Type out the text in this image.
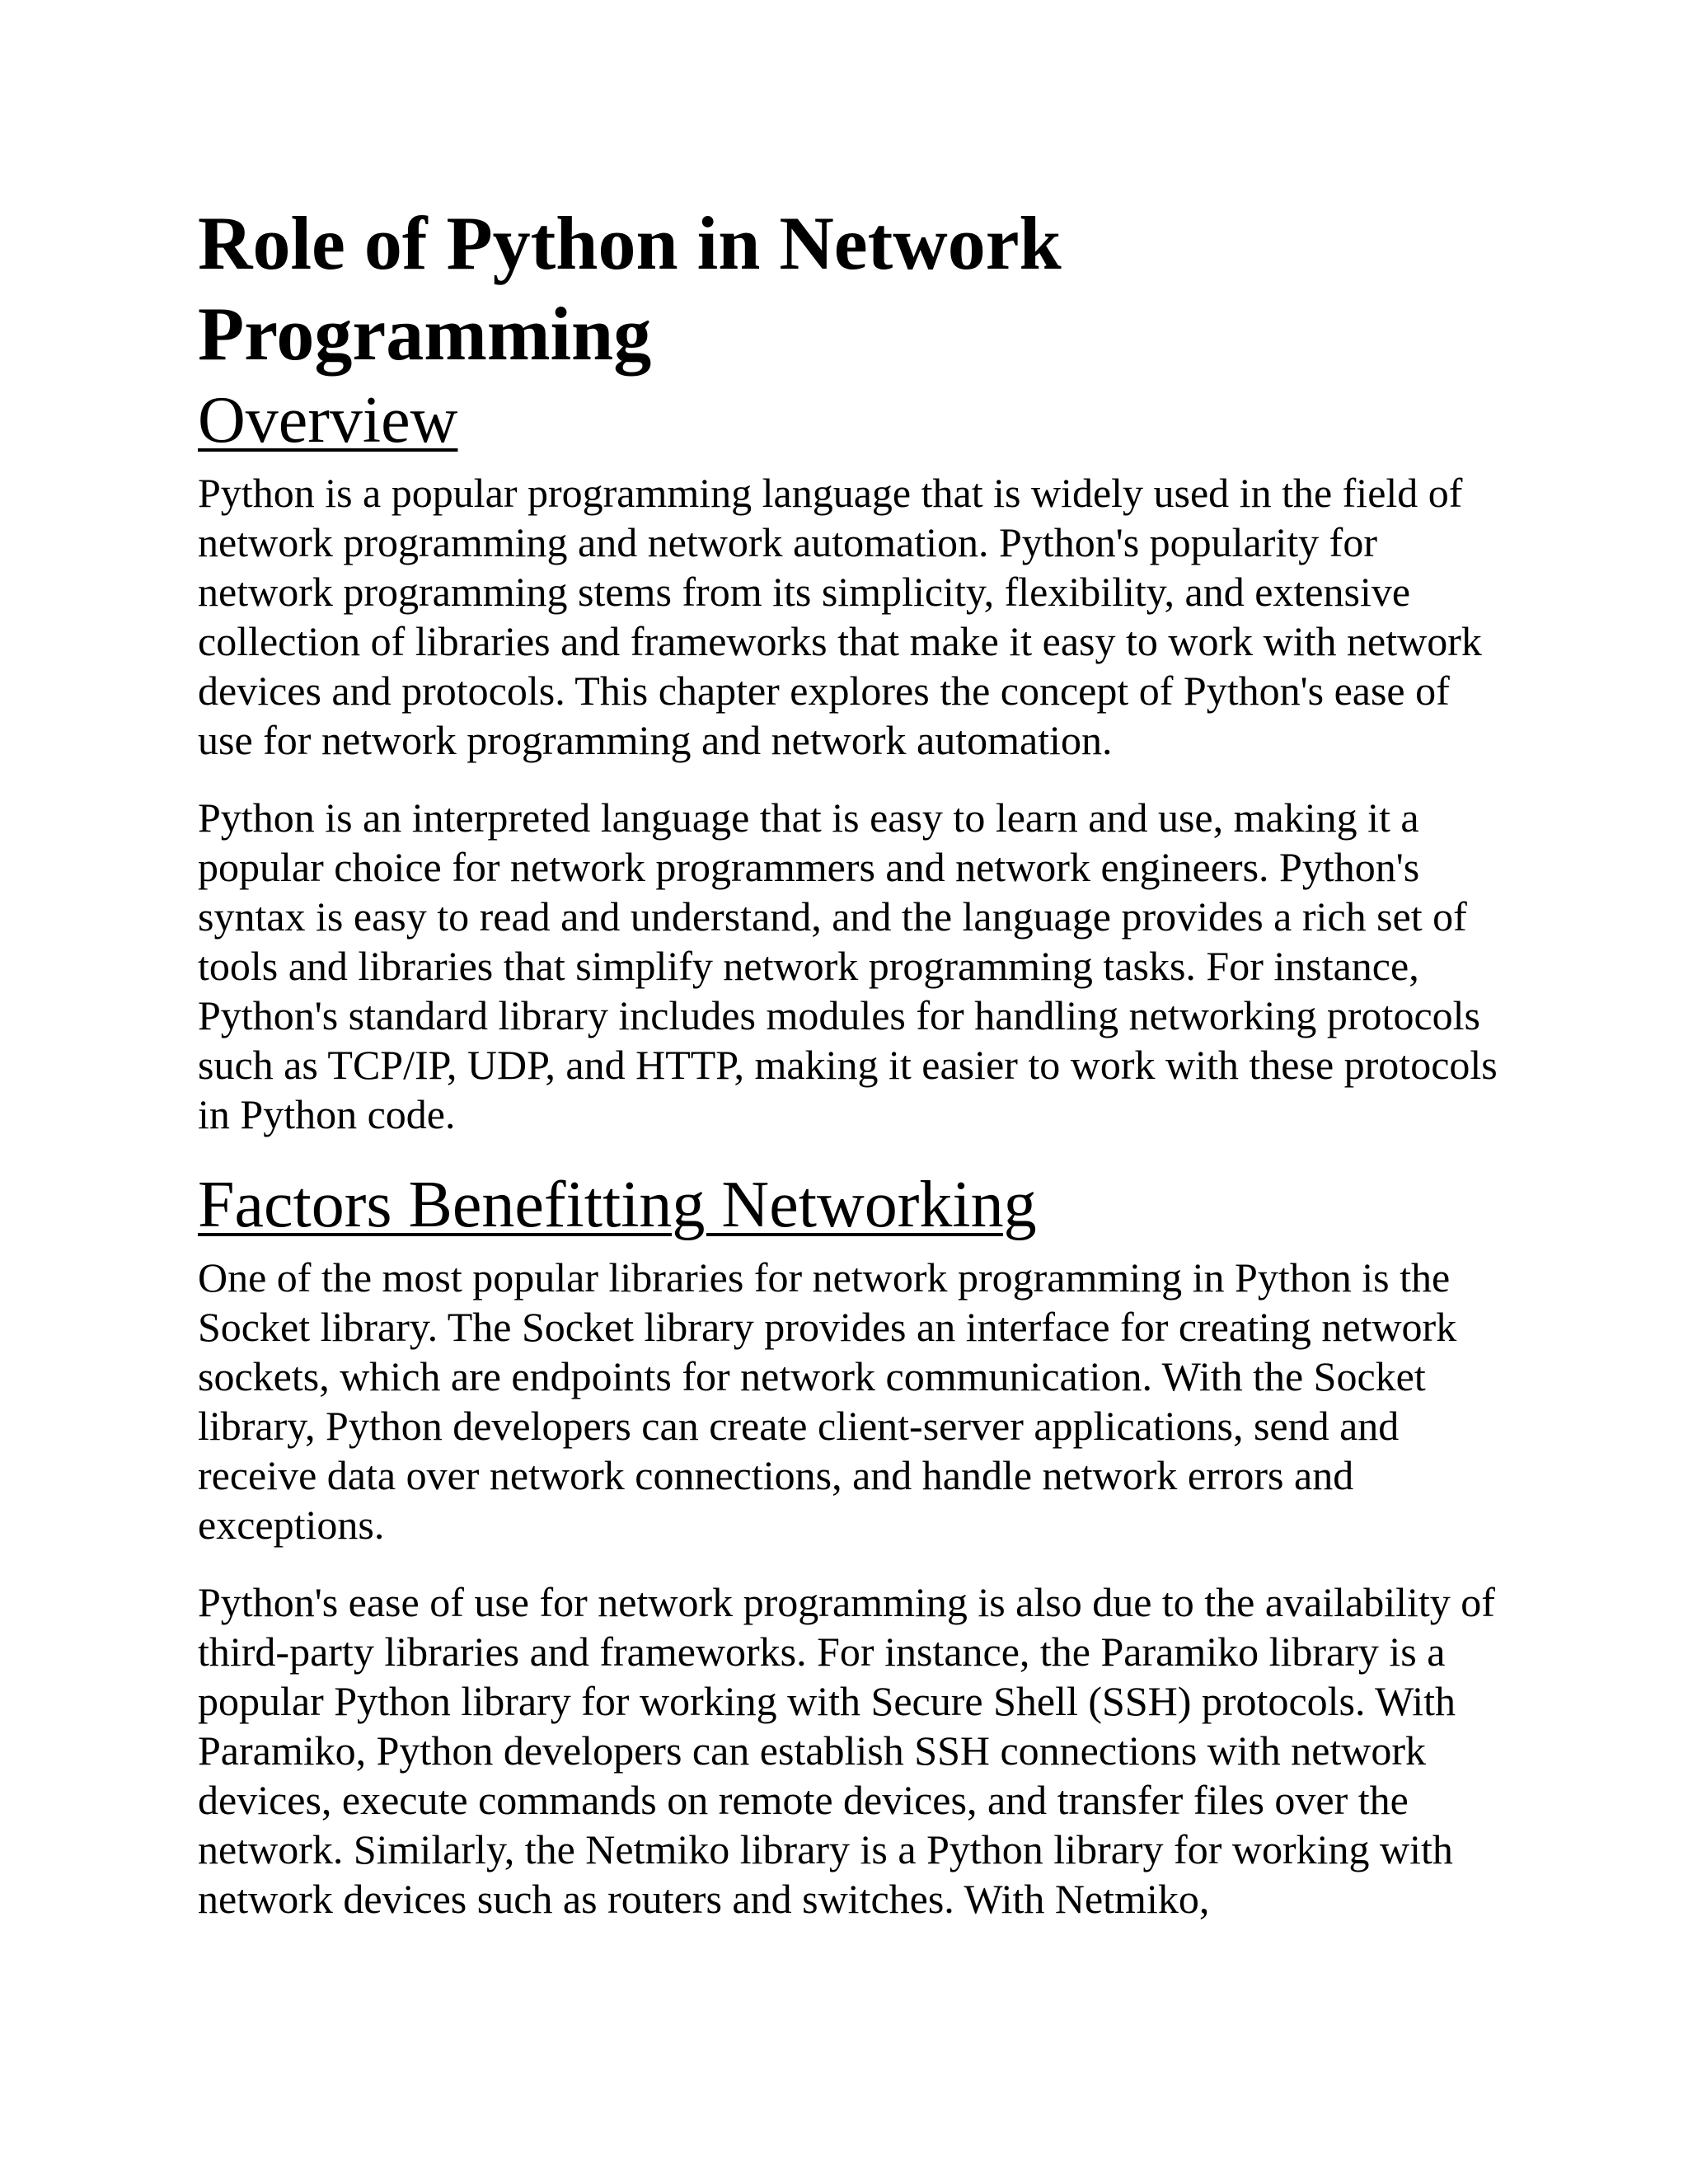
Role of Python in Network Programming
Overview

Python is a popular programming language that is widely used in the field of network programming and network automation. Python's popularity for network programming stems from its simplicity, flexibility, and extensive collection of libraries and frameworks that make it easy to work with network devices and protocols. This chapter explores the concept of Python's ease of use for network programming and network automation.

Python is an interpreted language that is easy to learn and use, making it a popular choice for network programmers and network engineers. Python's syntax is easy to read and understand, and the language provides a rich set of tools and libraries that simplify network programming tasks. For instance, Python's standard library includes modules for handling networking protocols such as TCP/IP, UDP, and HTTP, making it easier to work with these protocols in Python code.

Factors Benefitting Networking

One of the most popular libraries for network programming in Python is the Socket library. The Socket library provides an interface for creating network sockets, which are endpoints for network communication. With the Socket library, Python developers can create client-server applications, send and receive data over network connections, and handle network errors and exceptions.

Python's ease of use for network programming is also due to the availability of third-party libraries and frameworks. For instance, the Paramiko library is a popular Python library for working with Secure Shell (SSH) protocols. With Paramiko, Python developers can establish SSH connections with network devices, execute commands on remote devices, and transfer files over the network. Similarly, the Netmiko library is a Python library for working with network devices such as routers and switches. With Netmiko,
